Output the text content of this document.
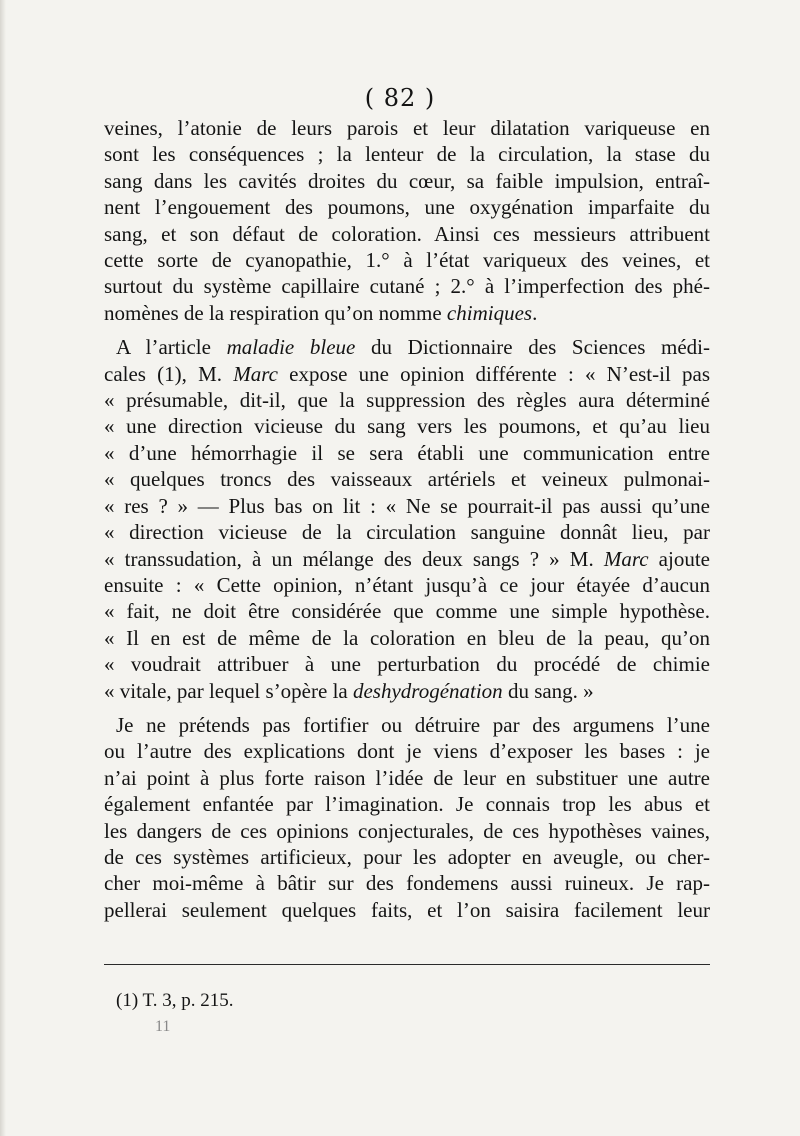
( 82 )
veines, l’atonie de leurs parois et leur dilatation variqueuse en
sont les conséquences ; la lenteur de la circulation, la stase du
sang dans les cavités droites du cœur, sa faible impulsion, entraî-
nent l’engouement des poumons, une oxygénation imparfaite du
sang, et son défaut de coloration. Ainsi ces messieurs attribuent
cette sorte de cyanopathie, 1.° à l’état variqueux des veines, et
surtout du système capillaire cutané ; 2.° à l’imperfection des phé-
nomènes de la respiration qu’on nomme chimiques.
A l’article maladie bleue du Dictionnaire des Sciences médi-
cales (1), M. Marc expose une opinion différente : « N’est-il pas
« présumable, dit-il, que la suppression des règles aura déterminé
« une direction vicieuse du sang vers les poumons, et qu’au lieu
« d’une hémorrhagie il se sera établi une communication entre
« quelques troncs des vaisseaux artériels et veineux pulmonai-
« res ? » — Plus bas on lit : « Ne se pourrait-il pas aussi qu’une
« direction vicieuse de la circulation sanguine donnât lieu, par
« transsudation, à un mélange des deux sangs ? » M. Marc ajoute
ensuite : « Cette opinion, n’étant jusqu’à ce jour étayée d’aucun
« fait, ne doit être considérée que comme une simple hypothèse.
« Il en est de même de la coloration en bleu de la peau, qu’on
« voudrait attribuer à une perturbation du procédé de chimie
« vitale, par lequel s’opère la deshydrogénation du sang. »
Je ne prétends pas fortifier ou détruire par des argumens l’une
ou l’autre des explications dont je viens d’exposer les bases : je
n’ai point à plus forte raison l’idée de leur en substituer une autre
également enfantée par l’imagination. Je connais trop les abus et
les dangers de ces opinions conjecturales, de ces hypothèses vaines,
de ces systèmes artificieux, pour les adopter en aveugle, ou cher-
cher moi-même à bâtir sur des fondemens aussi ruineux. Je rap-
pellerai seulement quelques faits, et l’on saisira facilement leur
(1) T. 3, p. 215.
11
